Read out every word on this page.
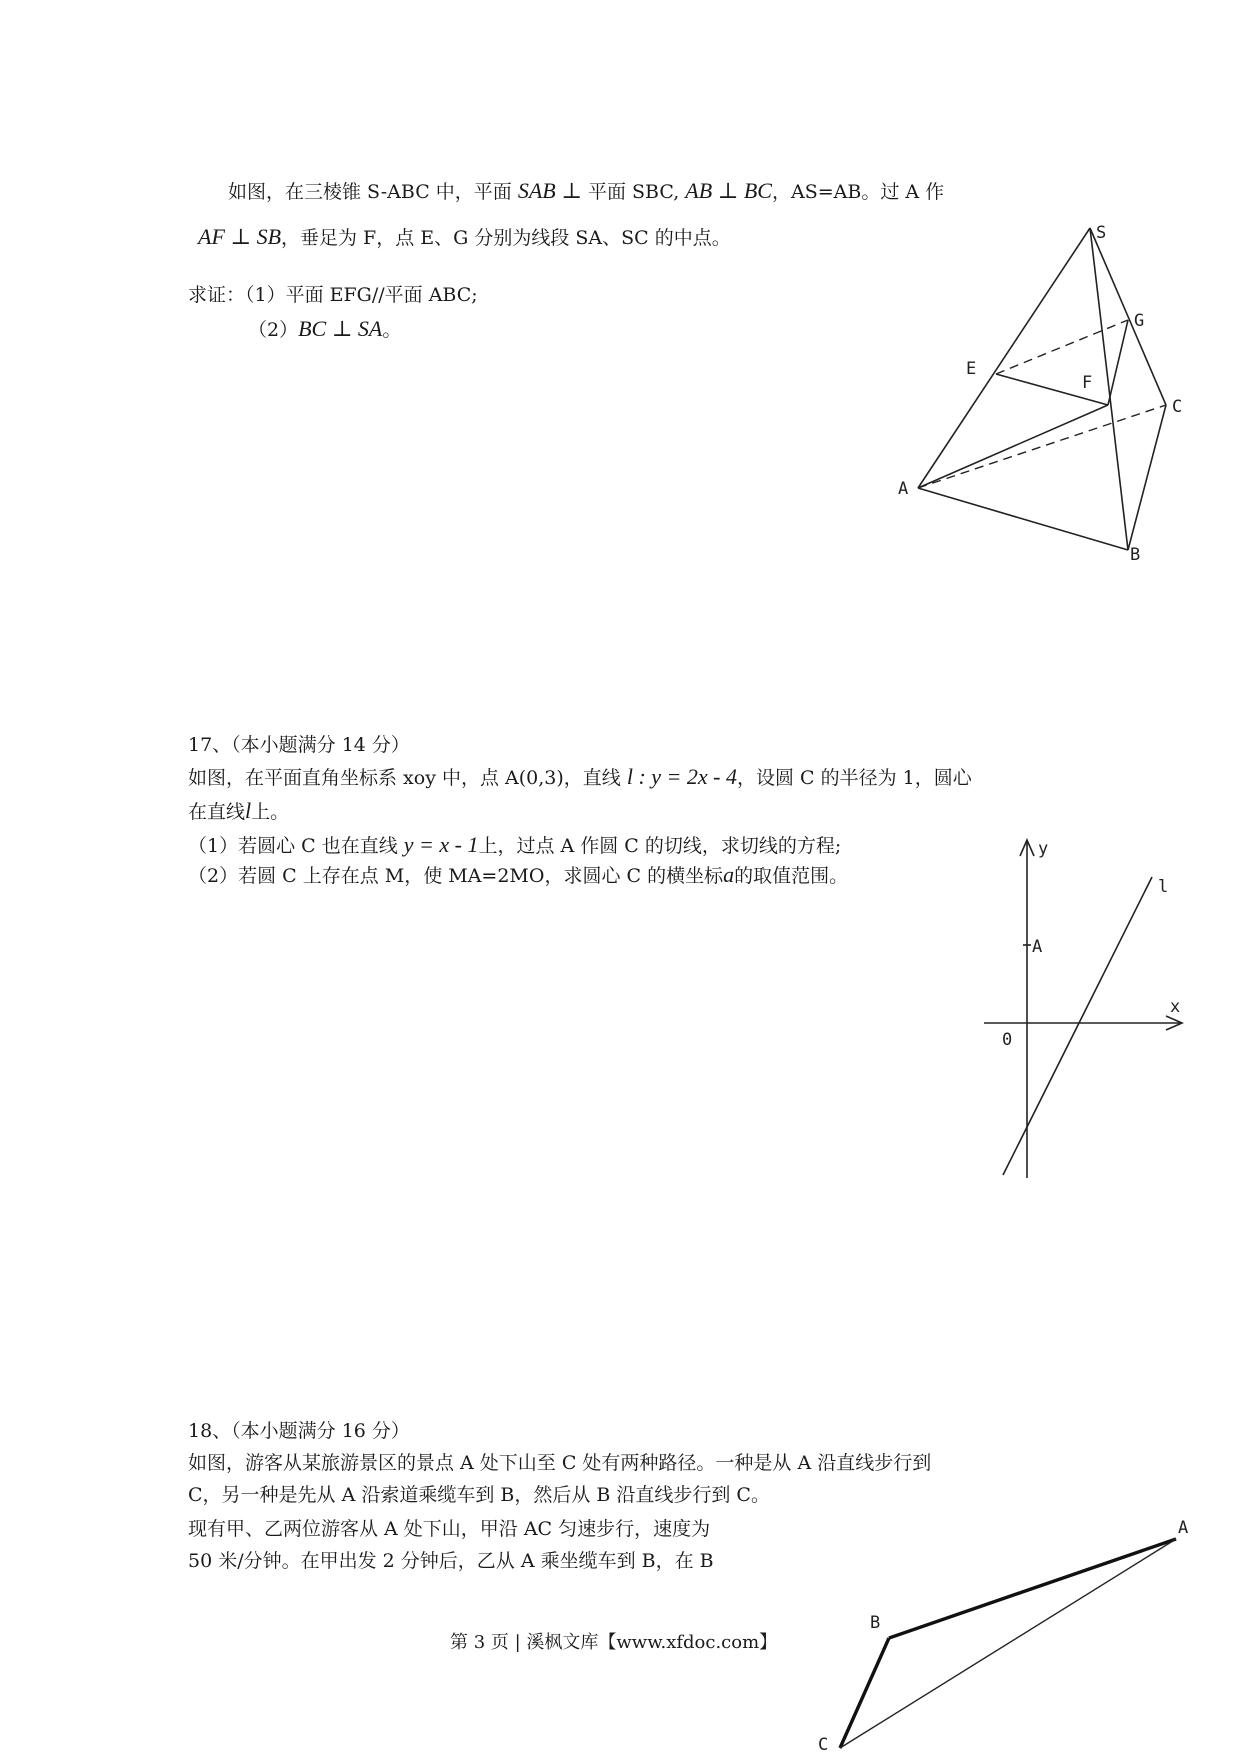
如图，在三棱锥 S-ABC 中，平面 SAB ⊥ 平面 SBC, AB ⊥ BC，AS=AB。过 A 作
AF ⊥ SB，垂足为 F，点 E、G 分别为线段 SA、SC 的中点。
求证：（1）平面 EFG//平面 ABC;
（2）BC ⊥ SA。
S
G
E
F
C
A
B
17、（本小题满分 14 分）
如图，在平面直角坐标系 xoy 中，点 A(0,3)，直线 l : y = 2x - 4，设圆 C 的半径为 1，圆心
在直线l上。
（1）若圆心 C 也在直线 y = x - 1上，过点 A 作圆 C 的切线，求切线的方程;
（2）若圆 C 上存在点 M，使 MA=2MO，求圆心 C 的横坐标a的取值范围。
y
l
A
x
0
18、（本小题满分 16 分）
如图，游客从某旅游景区的景点 A 处下山至 C 处有两种路径。一种是从 A 沿直线步行到
C，另一种是先从 A 沿索道乘缆车到 B，然后从 B 沿直线步行到 C。
现有甲、乙两位游客从 A 处下山，甲沿 AC 匀速步行，速度为
50 米/分钟。在甲出发 2 分钟后，乙从 A 乘坐缆车到 B，在 B
A
B
C
第 3 页 | 溪枫文库【www.xfdoc.com】
